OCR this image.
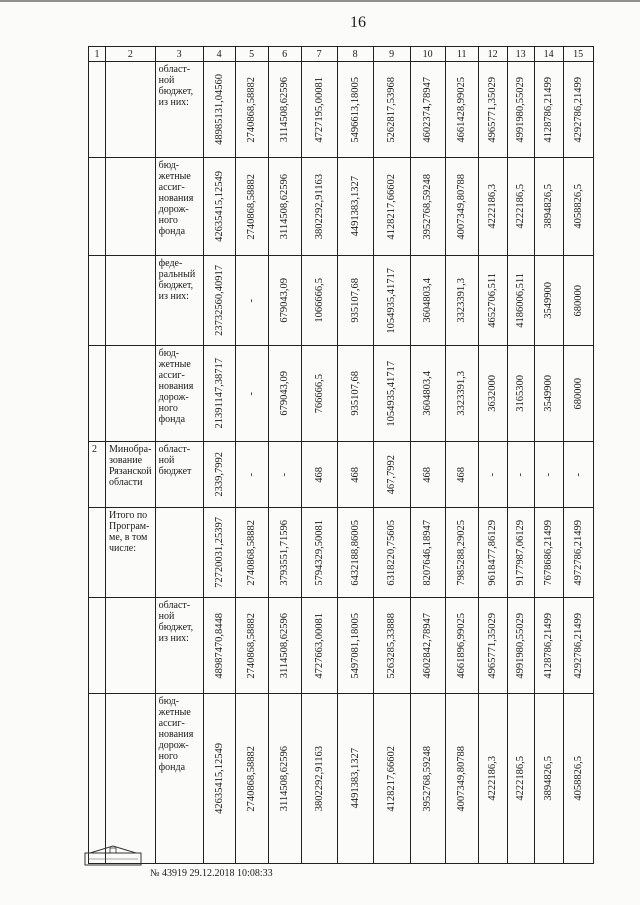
16
1	2	3	4	5	6	7	8	9	10	11	12	13	14	15
		област-ной бюджет, из них:	48985131,04560	2740868,58882	3114508,62596	4727195,00081	5496613,18005	5262817,53968	4602374,78947	4661428,99025	4965771,35029	4991980,55029	4128786,21499	4292786,21499

		бюд-жетные ассиг-нования дорож-ного фонда	42635415,12549	2740868,58882	3114508,62596	3802292,91163	4491383,1327	4128217,66602	3952768,59248	4007349,80788	4222186,3	4222186,5	3894826,5	4058826,5

		феде-ральный бюджет, из них:	23732560,40917	-	679043,09	1066666,5	935107,68	1054935,41717	3604803,4	3323391,3	4652706,511	4186006,511	3549900	680000

		бюд-жетные ассиг-нования дорож-ного фонда	21391147,38717	-	679043,09	766666,5	935107,68	1054935,41717	3604803,4	3323391,3	3632000	3165300	3549900	680000

2	Минобра-зование Рязанской области	област-ной бюджет	2339,7992	-	-	468	468	467,7992	468	468	-	-	-	-

	Итого по Програм-ме, в том числе:		72720031,25397	2740868,58882	3793551,71596	5794329,50081	6432188,86005	6318220,75605	8207646,18947	7985288,29025	9618477,86129	9177987,06129	7678686,21499	4972786,21499

		област-ной бюджет, из них:	48987470,8448	2740868,58882	3114508,62596	4727663,00081	5497081,18005	5263285,33888	4602842,78947	4661896,99025	4965771,35029	4991980,55029	4128786,21499	4292786,21499

		бюд-жетные ассиг-нования дорож-ного фонда	42635415,12549	2740868,58882	3114508,62596	3802292,91163	4491383,1327	4128217,66602	3952768,59248	4007349,80788	4222186,3	4222186,5	3894826,5	4058826,5
№ 43919 29.12.2018 10:08:33
